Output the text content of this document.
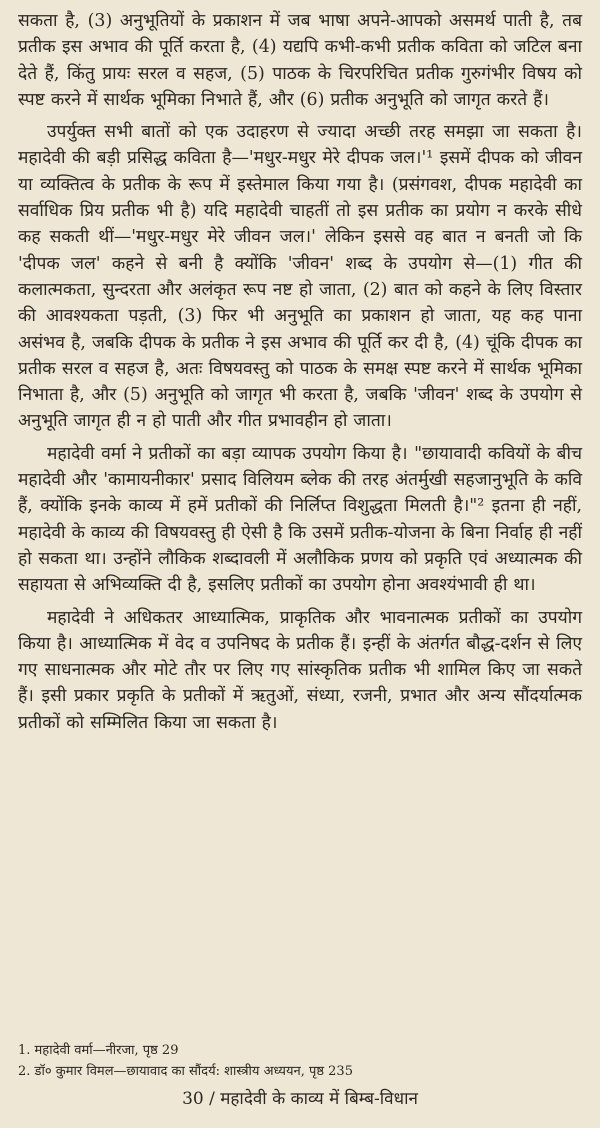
सकता है, (3) अनुभूतियों के प्रकाशन में जब भाषा अपने-आपको असमर्थ पाती है, तब प्रतीक इस अभाव की पूर्ति करता है, (4) यद्यपि कभी-कभी प्रतीक कविता को जटिल बना देते हैं, किंतु प्रायः सरल व सहज, (5) पाठक के चिरपरिचित प्रतीक गुरुगंभीर विषय को स्पष्ट करने में सार्थक भूमिका निभाते हैं, और (6) प्रतीक अनुभूति को जागृत करते हैं।

उपर्युक्त सभी बातों को एक उदाहरण से ज्यादा अच्छी तरह समझा जा सकता है। महादेवी की बड़ी प्रसिद्ध कविता है—'मधुर-मधुर मेरे दीपक जल।'¹ इसमें दीपक को जीवन या व्यक्तित्व के प्रतीक के रूप में इस्तेमाल किया गया है। (प्रसंगवश, दीपक महादेवी का सर्वाधिक प्रिय प्रतीक भी है) यदि महादेवी चाहतीं तो इस प्रतीक का प्रयोग न करके सीधे कह सकती थीं—'मधुर-मधुर मेरे जीवन जल।' लेकिन इससे वह बात न बनती जो कि 'दीपक जल' कहने से बनी है क्योंकि 'जीवन' शब्द के उपयोग से—(1) गीत की कलात्मकता, सुन्दरता और अलंकृत रूप नष्ट हो जाता, (2) बात को कहने के लिए विस्तार की आवश्यकता पड़ती, (3) फिर भी अनुभूति का प्रकाशन हो जाता, यह कह पाना असंभव है, जबकि दीपक के प्रतीक ने इस अभाव की पूर्ति कर दी है, (4) चूंकि दीपक का प्रतीक सरल व सहज है, अतः विषयवस्तु को पाठक के समक्ष स्पष्ट करने में सार्थक भूमिका निभाता है, और (5) अनुभूति को जागृत भी करता है, जबकि 'जीवन' शब्द के उपयोग से अनुभूति जागृत ही न हो पाती और गीत प्रभावहीन हो जाता।

महादेवी वर्मा ने प्रतीकों का बड़ा व्यापक उपयोग किया है। "छायावादी कवियों के बीच महादेवी और 'कामायनीकार' प्रसाद विलियम ब्लेक की तरह अंतर्मुखी सहजानुभूति के कवि हैं, क्योंकि इनके काव्य में हमें प्रतीकों की निर्लिप्त विशुद्धता मिलती है।"² इतना ही नहीं, महादेवी के काव्य की विषयवस्तु ही ऐसी है कि उसमें प्रतीक-योजना के बिना निर्वाह ही नहीं हो सकता था। उन्होंने लौकिक शब्दावली में अलौकिक प्रणय को प्रकृति एवं अध्यात्मक की सहायता से अभिव्यक्ति दी है, इसलिए प्रतीकों का उपयोग होना अवश्यंभावी ही था।

महादेवी ने अधिकतर आध्यात्मिक, प्राकृतिक और भावनात्मक प्रतीकों का उपयोग किया है। आध्यात्मिक में वेद व उपनिषद के प्रतीक हैं। इन्हीं के अंतर्गत बौद्ध-दर्शन से लिए गए साधनात्मक और मोटे तौर पर लिए गए सांस्कृतिक प्रतीक भी शामिल किए जा सकते हैं। इसी प्रकार प्रकृति के प्रतीकों में ऋतुओं, संध्या, रजनी, प्रभात और अन्य सौंदर्यात्मक प्रतीकों को सम्मिलित किया जा सकता है।

1. महादेवी वर्मा—नीरजा, पृष्ठ 29

2. डॉ० कुमार विमल—छायावाद का सौंदर्य: शास्त्रीय अध्ययन, पृष्ठ 235

30 / महादेवी के काव्य में बिम्ब-विधान
